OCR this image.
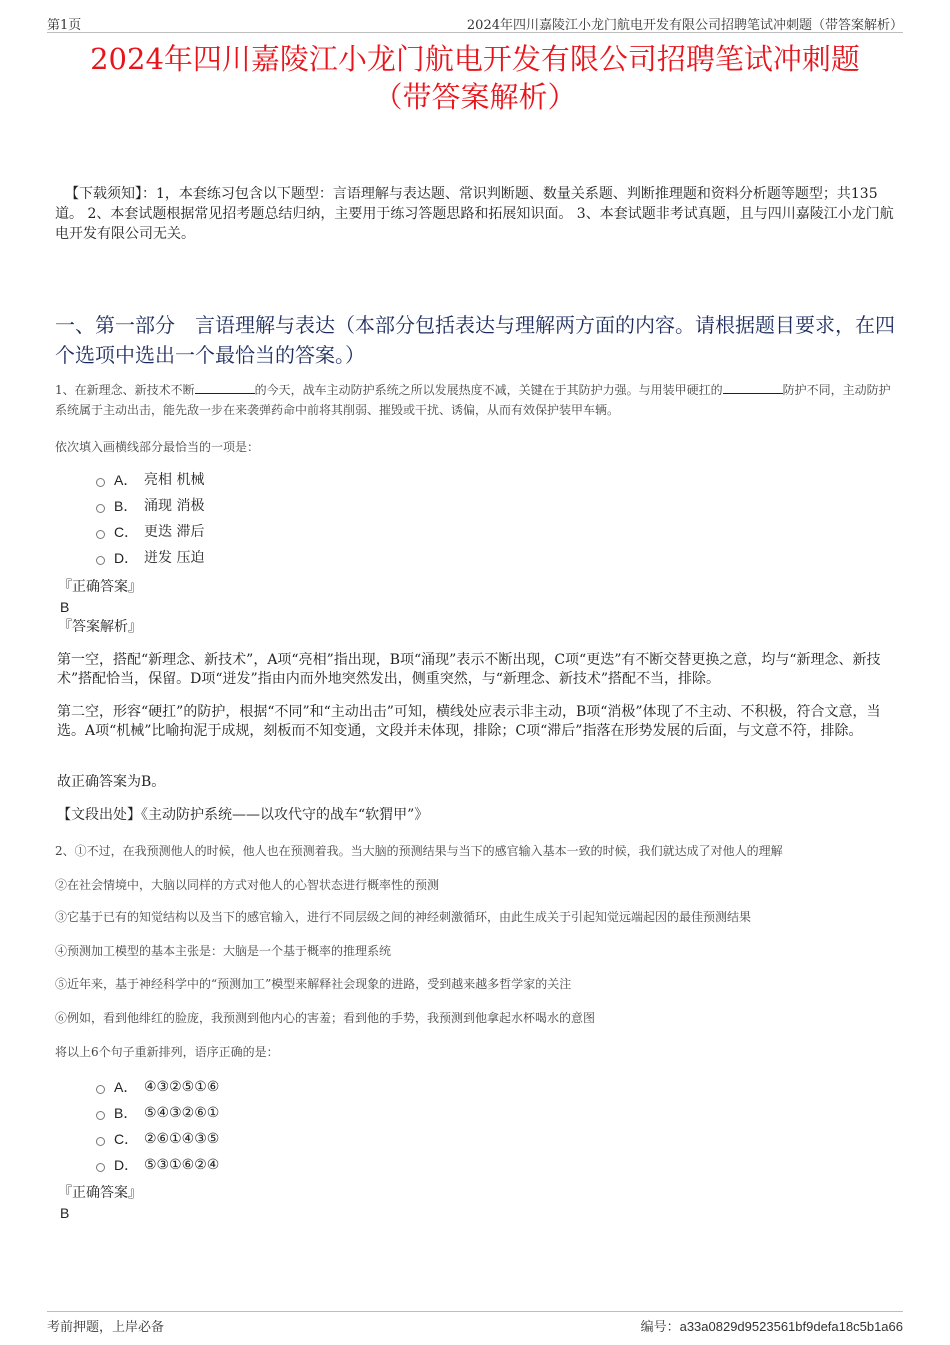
第1页	2024年四川嘉陵江小龙门航电开发有限公司招聘笔试冲刺题（带答案解析）
2024年四川嘉陵江小龙门航电开发有限公司招聘笔试冲刺题
（带答案解析）
【下载须知】：1，本套练习包含以下题型：言语理解与表达题、常识判断题、数量关系题、判断推理题和资料分析题等题型；共135道。 2、本套试题根据常见招考题总结归纳，主要用于练习答题思路和拓展知识面。 3、本套试题非考试真题，且与四川嘉陵江小龙门航电开发有限公司无关。
一、第一部分　言语理解与表达（本部分包括表达与理解两方面的内容。请根据题目要求，在四个选项中选出一个最恰当的答案。）
1、在新理念、新技术不断	的今天，战车主动防护系统之所以发展热度不减，关键在于其防护力强。与用装甲硬扛的	防护不同，主动防护系统属于主动出击，能先敌一步在来袭弹药命中前将其削弱、摧毁或干扰、诱偏，从而有效保护装甲车辆。
依次填入画横线部分最恰当的一项是：
A． 亮相 机械
B． 涌现 消极
C． 更迭 滞后
D． 迸发 压迫
『正确答案』
B
『答案解析』
第一空，搭配“新理念、新技术”，A项“亮相”指出现，B项“涌现”表示不断出现，C项“更迭”有不断交替更换之意，均与“新理念、新技术”搭配恰当，保留。D项“迸发”指由内而外地突然发出，侧重突然，与“新理念、新技术”搭配不当，排除。
第二空，形容“硬扛”的防护，根据“不同”和“主动出击”可知，横线处应表示非主动，B项“消极”体现了不主动、不积极，符合文意，当选。A项“机械”比喻拘泥于成规，刻板而不知变通，文段并未体现，排除；C项“滞后”指落在形势发展的后面，与文意不符，排除。
故正确答案为B。
【文段出处】《主动防护系统——以攻代守的战车“软猬甲”》
2、①不过，在我预测他人的时候，他人也在预测着我。当大脑的预测结果与当下的感官输入基本一致的时候，我们就达成了对他人的理解
②在社会情境中，大脑以同样的方式对他人的心智状态进行概率性的预测
③它基于已有的知觉结构以及当下的感官输入，进行不同层级之间的神经刺激循环，由此生成关于引起知觉远端起因的最佳预测结果
④预测加工模型的基本主张是：大脑是一个基于概率的推理系统
⑤近年来，基于神经科学中的“预测加工”模型来解释社会现象的进路，受到越来越多哲学家的关注
⑥例如，看到他绯红的脸庞，我预测到他内心的害羞；看到他的手势，我预测到他拿起水杯喝水的意图
将以上6个句子重新排列，语序正确的是：
A． ④③②⑤①⑥
B． ⑤④③②⑥①
C． ②⑥①④③⑤
D． ⑤③①⑥②④
『正确答案』
B
考前押题，上岸必备	编号：a33a0829d9523561bf9defa18c5b1a66
